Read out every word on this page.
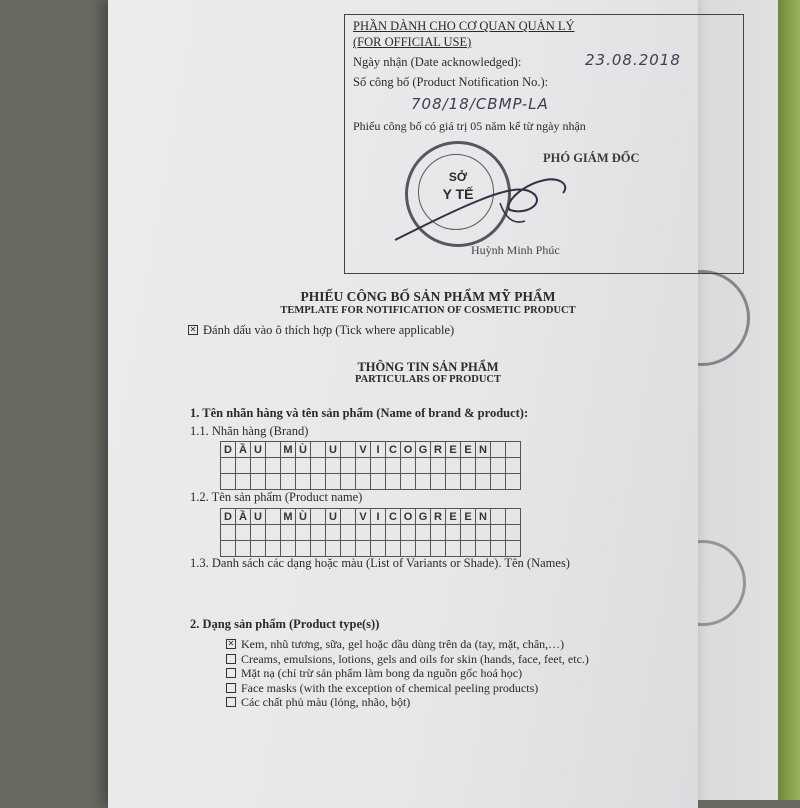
PHẦN DÀNH CHO CƠ QUAN QUẢN LÝ
(FOR OFFICIAL USE)
Ngày nhận (Date acknowledged):	23.08.2018
Số công bố (Product Notification No.):
708/18/CBMP-LA
Phiếu công bố có giá trị 05 năm kể từ ngày nhận
PHÓ GIÁM ĐỐC
SỞ
Y TẾ
Huỳnh Minh Phúc
PHIẾU CÔNG BỐ SẢN PHẨM MỸ PHẨM
TEMPLATE FOR NOTIFICATION OF COSMETIC PRODUCT
✕ Đánh dấu vào ô thích hợp (Tick where applicable)
THÔNG TIN SẢN PHẨM
PARTICULARS OF PRODUCT
1. Tên nhãn hàng và tên sản phẩm (Name of brand & product):
1.1. Nhãn hàng (Brand)
D Ầ U	M Ù	U	V I C O G R E E N
1.2. Tên sản phẩm (Product name)
D Ầ U	M Ù	U	V I C O G R E E N
1.3. Danh sách các dạng hoặc màu (List of Variants or Shade). Tên (Names)
2. Dạng sản phẩm (Product type(s))
✕ Kem, nhũ tương, sữa, gel hoặc dầu dùng trên da (tay, mặt, chân,…)
Creams, emulsions, lotions, gels and oils for skin (hands, face, feet, etc.)
Mặt nạ (chỉ trừ sản phẩm làm bong da nguồn gốc hoá học)
Face masks (with the exception of chemical peeling products)
Các chất phủ màu (lỏng, nhão, bột)
